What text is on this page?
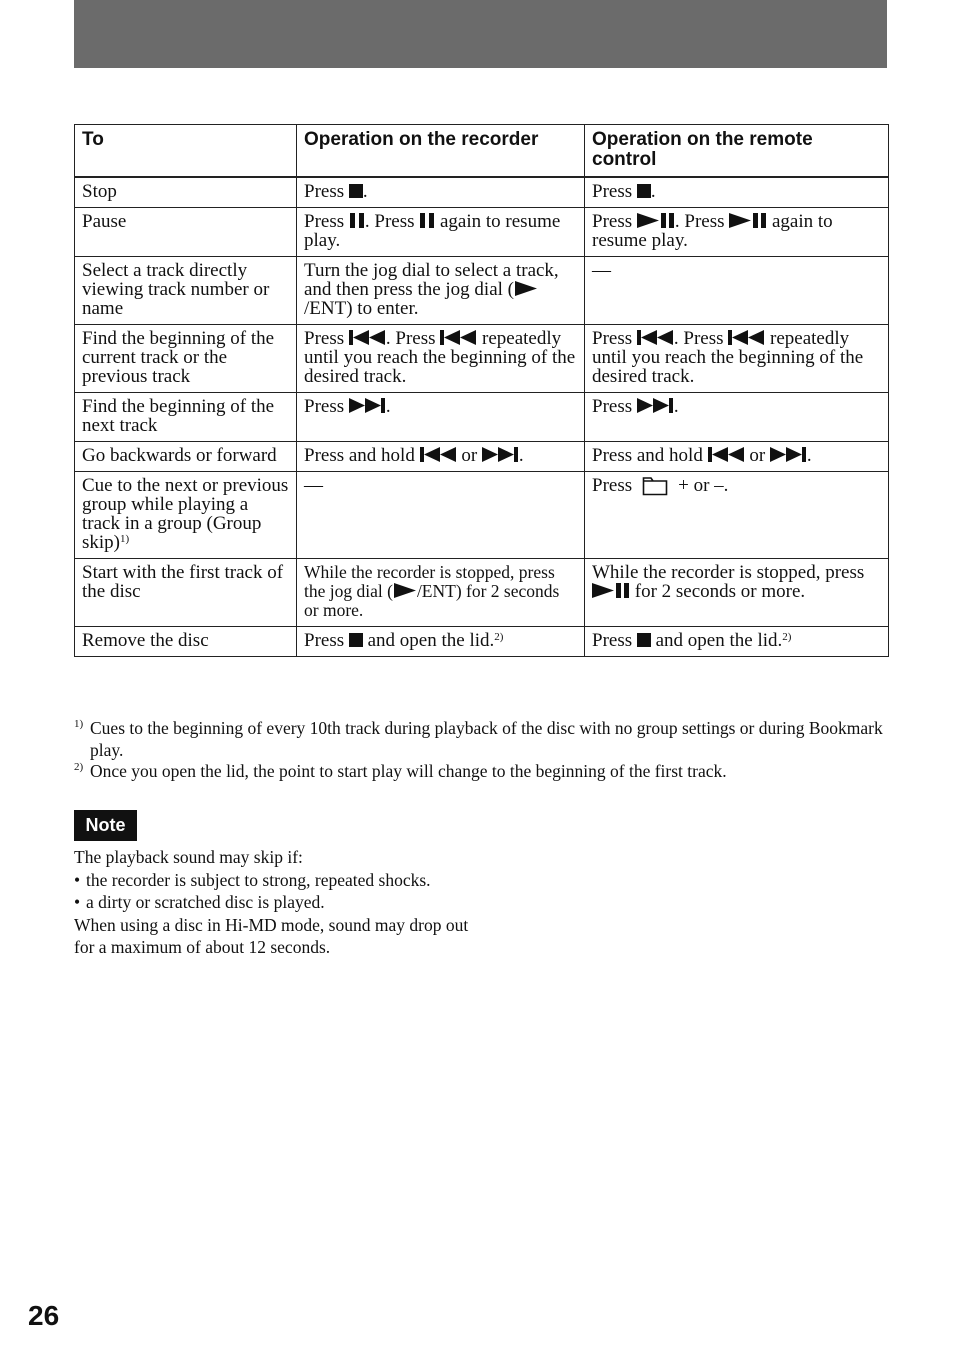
To	Operation on the recorder	Operation on the remote control
Stop	Press .	Press .
Pause	Press . Press  again to resume play.	Press . Press  again to resume play.
Select a track directly viewing track number or name	Turn the jog dial to select a track, and then press the jog dial (/ENT) to enter.	—
Find the beginning of the current track or the previous track	Press . Press  repeatedly until you reach the beginning of the desired track.	Press . Press  repeatedly until you reach the beginning of the desired track.
Find the beginning of the next track	Press .	Press .
Go backwards or forward	Press and hold  or .	Press and hold  or .
Cue to the next or previous group while playing a track in a group (Group skip)$^{1)}$	—	Press + or –.
Start with the first track of the disc	While the recorder is stopped, press the jog dial ( /ENT) for 2 seconds or more.	While the recorder is stopped, press  for 2 seconds or more.
Remove the disc	Press  and open the lid.$^{2)}$	Press  and open the lid.$^{2)}$
1) Cues to the beginning of every 10th track during playback of the disc with no group settings or during Bookmark play.
2) Once you open the lid, the point to start play will change to the beginning of the first track.
Note
The playback sound may skip if:
• the recorder is subject to strong, repeated shocks.
• a dirty or scratched disc is played.
When using a disc in Hi-MD mode, sound may drop out for a maximum of about 12 seconds.
26
